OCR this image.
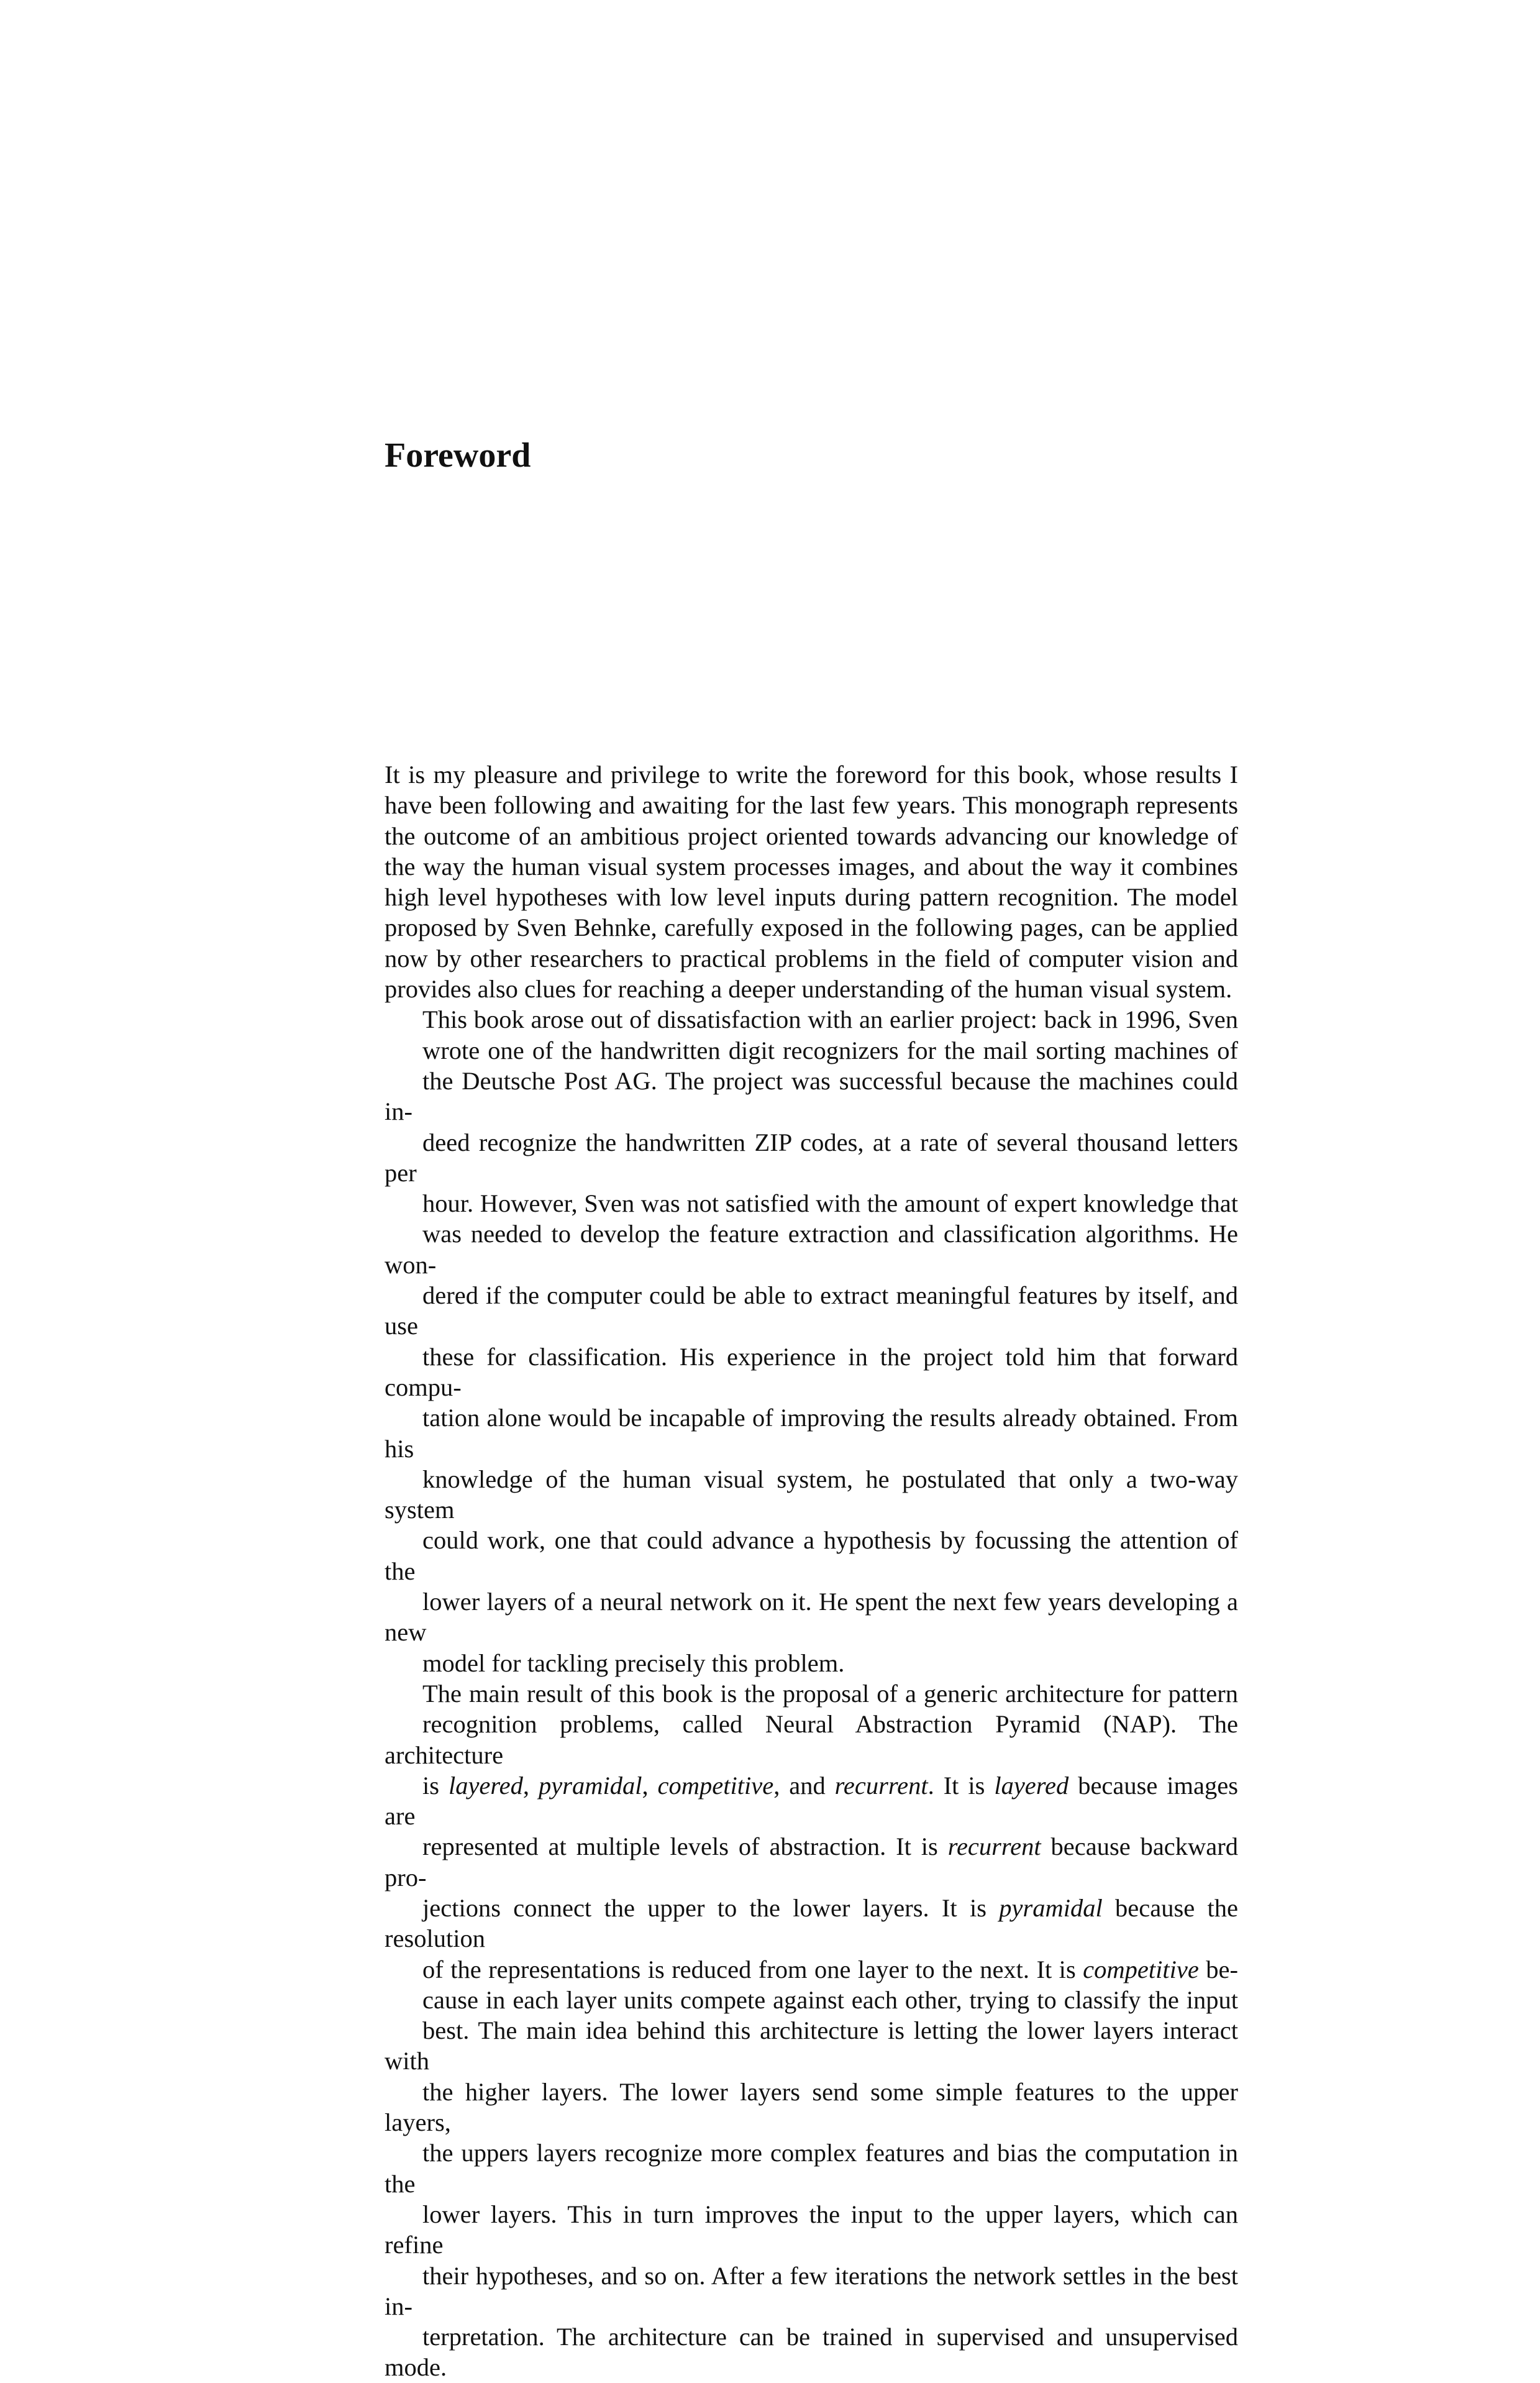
Foreword

It is my pleasure and privilege to write the foreword for this book, whose results I
have been following and awaiting for the last few years. This monograph represents
the outcome of an ambitious project oriented towards advancing our knowledge of
the way the human visual system processes images, and about the way it combines
high level hypotheses with low level inputs during pattern recognition. The model
proposed by Sven Behnke, carefully exposed in the following pages, can be applied
now by other researchers to practical problems in the field of computer vision and
provides also clues for reaching a deeper understanding of the human visual system.

This book arose out of dissatisfaction with an earlier project: back in 1996, Sven
wrote one of the handwritten digit recognizers for the mail sorting machines of
the Deutsche Post AG. The project was successful because the machines could in-
deed recognize the handwritten ZIP codes, at a rate of several thousand letters per
hour. However, Sven was not satisfied with the amount of expert knowledge that
was needed to develop the feature extraction and classification algorithms. He won-
dered if the computer could be able to extract meaningful features by itself, and use
these for classification. His experience in the project told him that forward compu-
tation alone would be incapable of improving the results already obtained. From his
knowledge of the human visual system, he postulated that only a two-way system
could work, one that could advance a hypothesis by focussing the attention of the
lower layers of a neural network on it. He spent the next few years developing a new
model for tackling precisely this problem.

The main result of this book is the proposal of a generic architecture for pattern
recognition problems, called Neural Abstraction Pyramid (NAP). The architecture
is layered, pyramidal, competitive, and recurrent. It is layered because images are
represented at multiple levels of abstraction. It is recurrent because backward pro-
jections connect the upper to the lower layers. It is pyramidal because the resolution
of the representations is reduced from one layer to the next. It is competitive be-
cause in each layer units compete against each other, trying to classify the input
best. The main idea behind this architecture is letting the lower layers interact with
the higher layers. The lower layers send some simple features to the upper layers,
the uppers layers recognize more complex features and bias the computation in the
lower layers. This in turn improves the input to the upper layers, which can refine
their hypotheses, and so on. After a few iterations the network settles in the best in-
terpretation. The architecture can be trained in supervised and unsupervised mode.
